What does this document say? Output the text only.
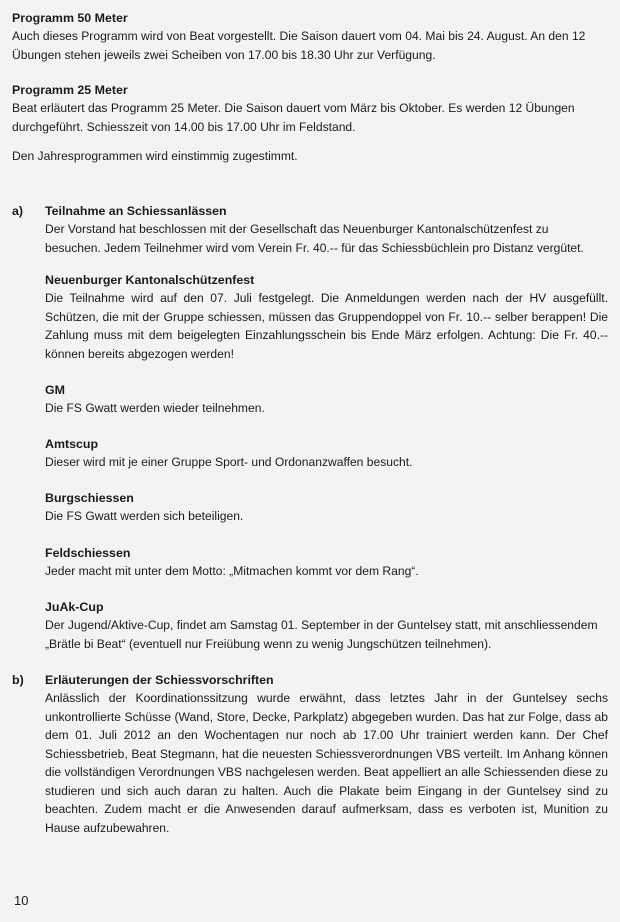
Programm 50 Meter

Auch dieses Programm wird von Beat vorgestellt. Die Saison dauert vom 04. Mai bis 24. August. An den 12 Übungen stehen jeweils zwei Scheiben von 17.00 bis 18.30 Uhr zur Verfügung.

Programm 25 Meter

Beat erläutert das Programm 25 Meter. Die Saison dauert vom März bis Oktober. Es werden 12 Übungen durchgeführt. Schiesszeit von 14.00 bis 17.00 Uhr im Feldstand.

Den Jahresprogrammen wird einstimmig zugestimmt.

a) Teilnahme an Schiessanlässen

Der Vorstand hat beschlossen mit der Gesellschaft das Neuenburger Kantonalschützenfest zu besuchen. Jedem Teilnehmer wird vom Verein Fr. 40.-- für das Schiessbüchlein pro Distanz vergütet.

Neuenburger Kantonalschützenfest

Die Teilnahme wird auf den 07. Juli festgelegt. Die Anmeldungen werden nach der HV ausgefüllt. Schützen, die mit der Gruppe schiessen, müssen das Gruppendoppel von Fr. 10.-- selber berappen! Die Zahlung muss mit dem beigelegten Einzahlungsschein bis Ende März erfolgen. Achtung: Die Fr. 40.-- können bereits abgezogen werden!

GM

Die FS Gwatt werden wieder teilnehmen.

Amtscup

Dieser wird mit je einer Gruppe Sport- und Ordonanzwaffen besucht.

Burgschiessen

Die FS Gwatt werden sich beteiligen.

Feldschiessen

Jeder macht mit unter dem Motto: „Mitmachen kommt vor dem Rang“.

JuAk-Cup

Der Jugend/Aktive-Cup, findet am Samstag 01. September in der Guntelsey statt, mit anschliessendem „Brätle bi Beat“ (eventuell nur Freiübung wenn zu wenig Jungschützen teilnehmen).

b) Erläuterungen der Schiessvorschriften

Anlässlich der Koordinationssitzung wurde erwähnt, dass letztes Jahr in der Guntelsey sechs unkontrollierte Schüsse (Wand, Store, Decke, Parkplatz) abgegeben wurden. Das hat zur Folge, dass ab dem 01. Juli 2012 an den Wochentagen nur noch ab 17.00 Uhr trainiert werden kann. Der Chef Schiessbetrieb, Beat Stegmann, hat die neuesten Schiessverordnungen VBS verteilt. Im Anhang können die vollständigen Verordnungen VBS nachgelesen werden. Beat appelliert an alle Schiessenden diese zu studieren und sich auch daran zu halten. Auch die Plakate beim Eingang in der Guntelsey sind zu beachten. Zudem macht er die Anwesenden darauf aufmerksam, dass es verboten ist, Munition zu Hause aufzubewahren.

10
